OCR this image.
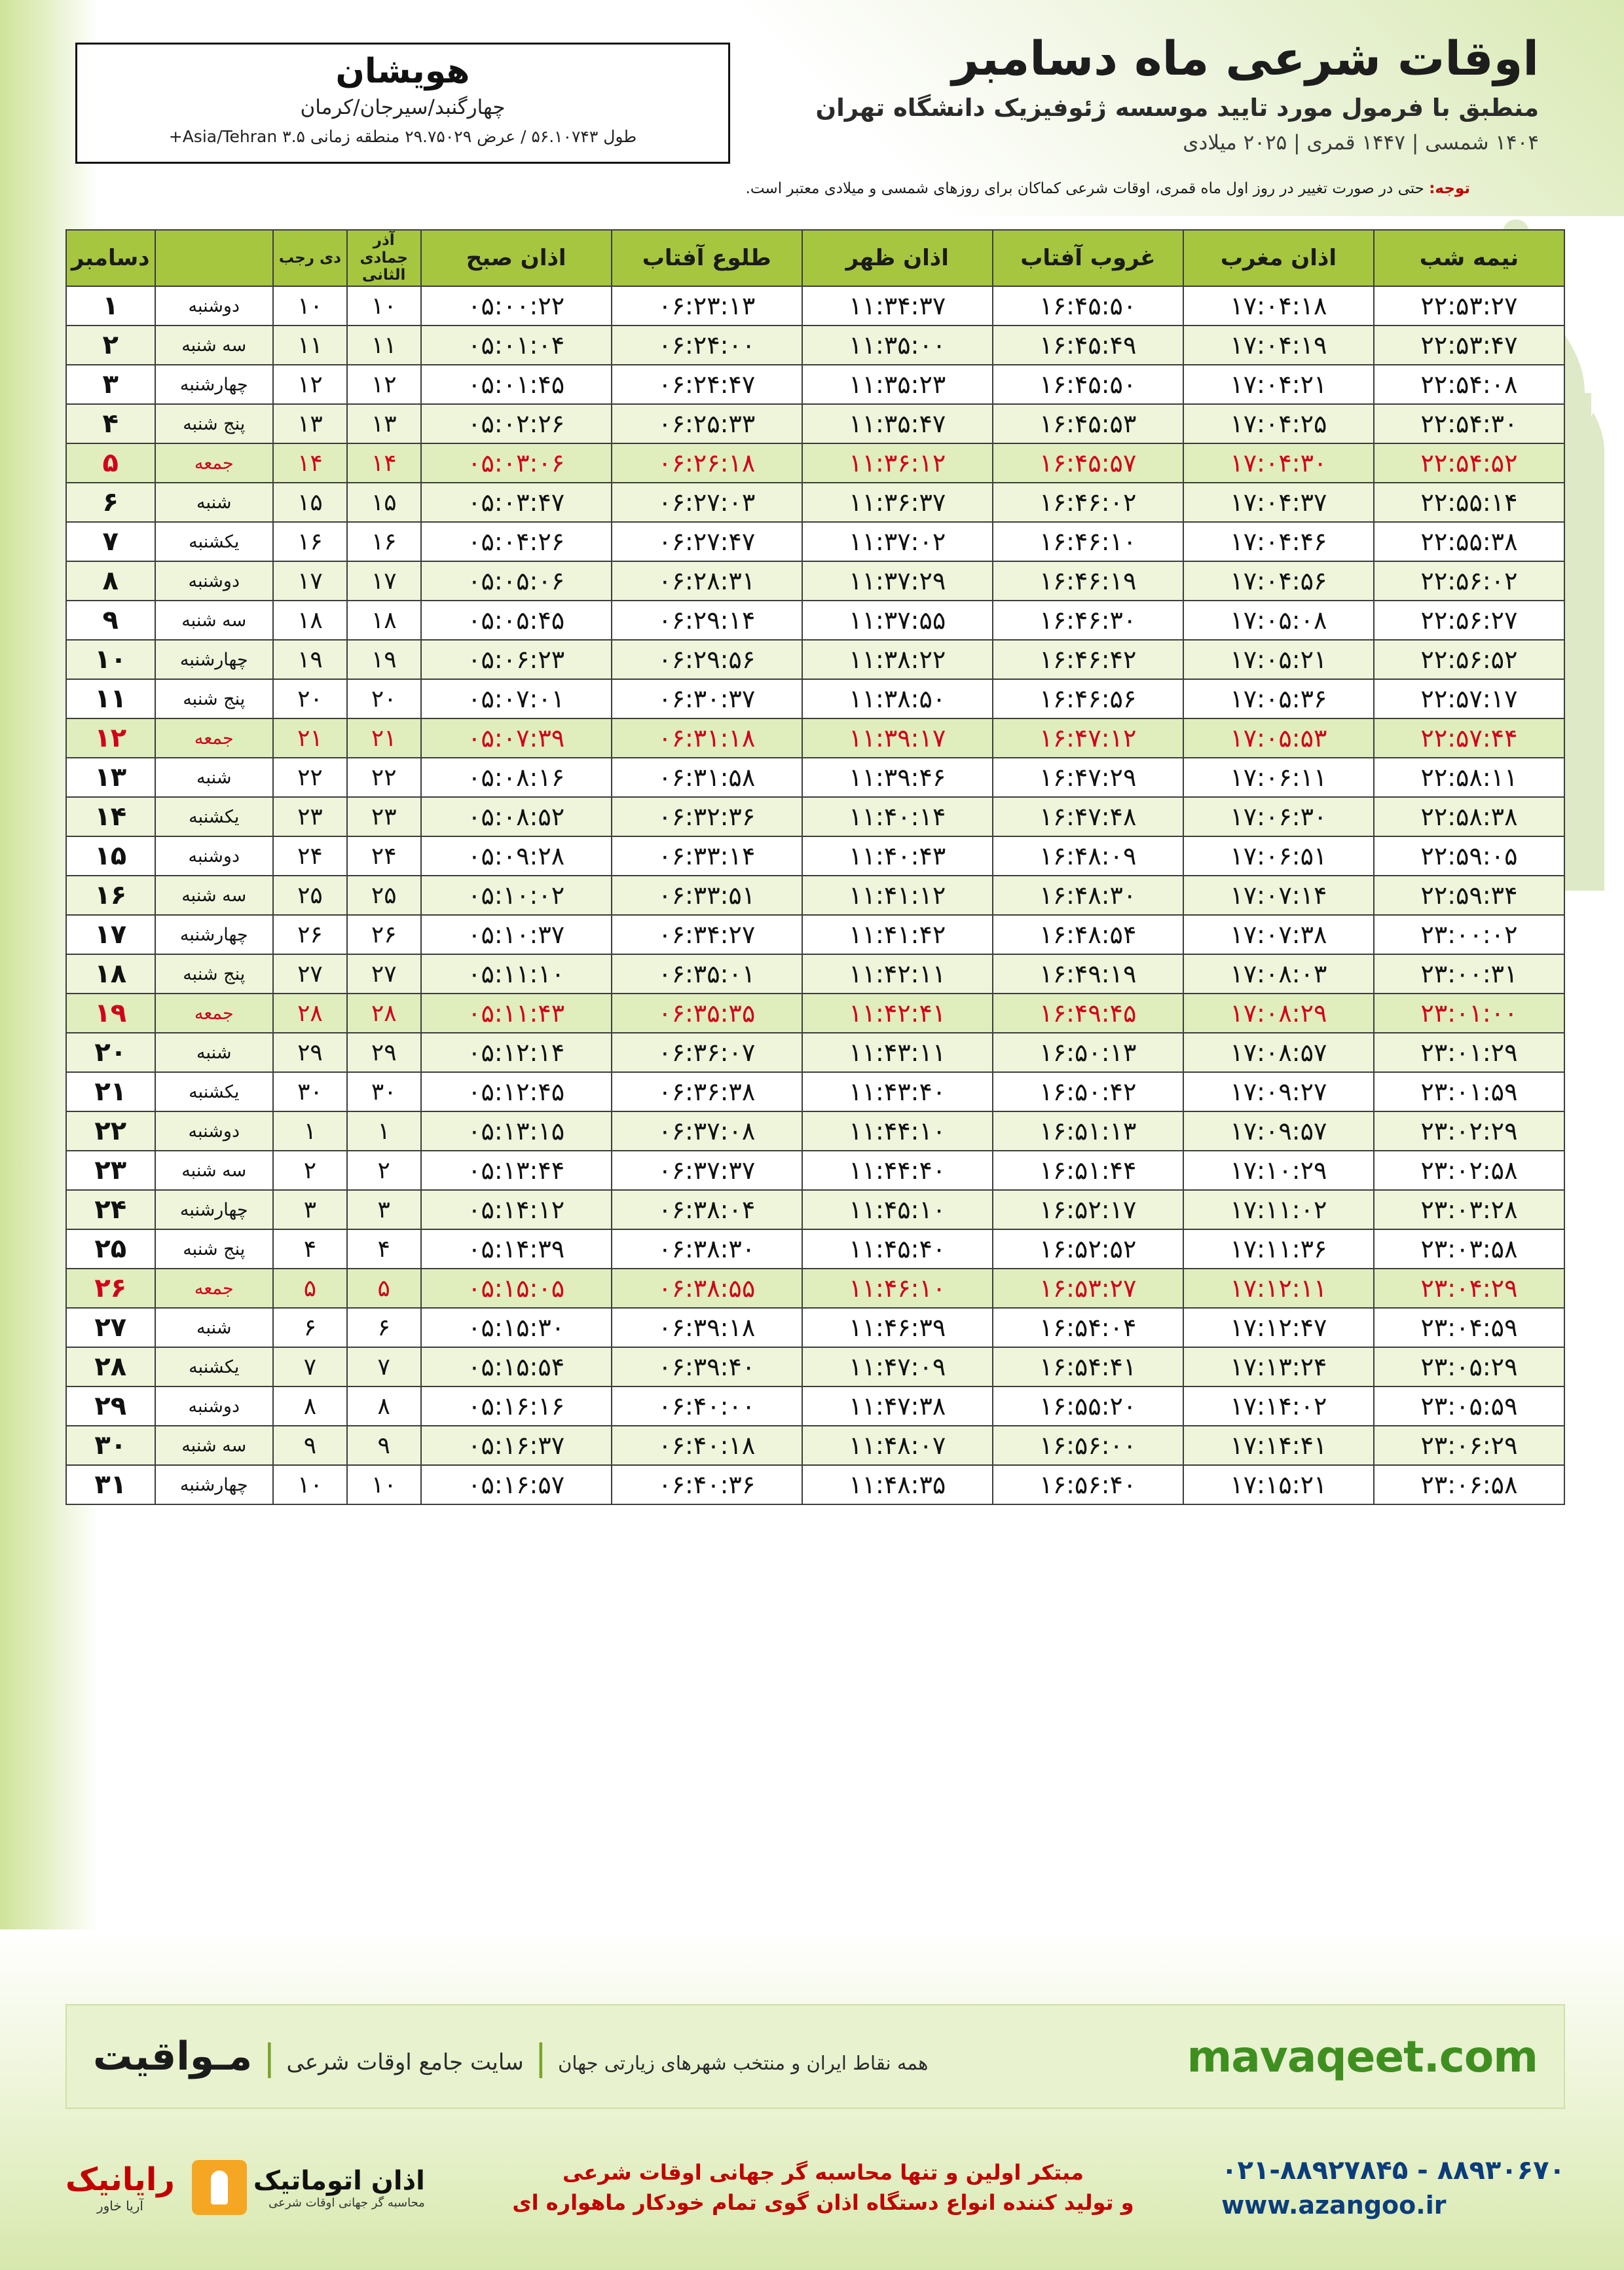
اوقات شرعی ماه دسامبر
منطبق با فرمول مورد تایید موسسه ژئوفیزیک دانشگاه تهران
۱۴۰۴ شمسی | ۱۴۴۷ قمری | ۲۰۲۵ میلادی
هویشان
چهارگنبد/سیرجان/کرمان
طول ۵۶.۱۰۷۴۳ / عرض ۲۹.۷۵۰۲۹ منطقه زمانی Asia/Tehran ۳.۵+
توجه: حتی در صورت تغییر در روز اول ماه قمری، اوقات شرعی کماکان برای روزهای شمسی و میلادی معتبر است.
نیمه شب	اذان مغرب	غروب آفتاب	اذان ظهر	طلوع آفتاب	اذان صبح	آذر جمادی الثانی	دی رجب		دسامبر
۲۲:۵۳:۲۷	۱۷:۰۴:۱۸	۱۶:۴۵:۵۰	۱۱:۳۴:۳۷	۰۶:۲۳:۱۳	۰۵:۰۰:۲۲	۱۰	۱۰	دوشنبه	۱
۲۲:۵۳:۴۷	۱۷:۰۴:۱۹	۱۶:۴۵:۴۹	۱۱:۳۵:۰۰	۰۶:۲۴:۰۰	۰۵:۰۱:۰۴	۱۱	۱۱	سه شنبه	۲
۲۲:۵۴:۰۸	۱۷:۰۴:۲۱	۱۶:۴۵:۵۰	۱۱:۳۵:۲۳	۰۶:۲۴:۴۷	۰۵:۰۱:۴۵	۱۲	۱۲	چهارشنبه	۳
۲۲:۵۴:۳۰	۱۷:۰۴:۲۵	۱۶:۴۵:۵۳	۱۱:۳۵:۴۷	۰۶:۲۵:۳۳	۰۵:۰۲:۲۶	۱۳	۱۳	پنج شنبه	۴
۲۲:۵۴:۵۲	۱۷:۰۴:۳۰	۱۶:۴۵:۵۷	۱۱:۳۶:۱۲	۰۶:۲۶:۱۸	۰۵:۰۳:۰۶	۱۴	۱۴	جمعه	۵
۲۲:۵۵:۱۴	۱۷:۰۴:۳۷	۱۶:۴۶:۰۲	۱۱:۳۶:۳۷	۰۶:۲۷:۰۳	۰۵:۰۳:۴۷	۱۵	۱۵	شنبه	۶
۲۲:۵۵:۳۸	۱۷:۰۴:۴۶	۱۶:۴۶:۱۰	۱۱:۳۷:۰۲	۰۶:۲۷:۴۷	۰۵:۰۴:۲۶	۱۶	۱۶	یکشنبه	۷
۲۲:۵۶:۰۲	۱۷:۰۴:۵۶	۱۶:۴۶:۱۹	۱۱:۳۷:۲۹	۰۶:۲۸:۳۱	۰۵:۰۵:۰۶	۱۷	۱۷	دوشنبه	۸
۲۲:۵۶:۲۷	۱۷:۰۵:۰۸	۱۶:۴۶:۳۰	۱۱:۳۷:۵۵	۰۶:۲۹:۱۴	۰۵:۰۵:۴۵	۱۸	۱۸	سه شنبه	۹
۲۲:۵۶:۵۲	۱۷:۰۵:۲۱	۱۶:۴۶:۴۲	۱۱:۳۸:۲۲	۰۶:۲۹:۵۶	۰۵:۰۶:۲۳	۱۹	۱۹	چهارشنبه	۱۰
۲۲:۵۷:۱۷	۱۷:۰۵:۳۶	۱۶:۴۶:۵۶	۱۱:۳۸:۵۰	۰۶:۳۰:۳۷	۰۵:۰۷:۰۱	۲۰	۲۰	پنج شنبه	۱۱
۲۲:۵۷:۴۴	۱۷:۰۵:۵۳	۱۶:۴۷:۱۲	۱۱:۳۹:۱۷	۰۶:۳۱:۱۸	۰۵:۰۷:۳۹	۲۱	۲۱	جمعه	۱۲
۲۲:۵۸:۱۱	۱۷:۰۶:۱۱	۱۶:۴۷:۲۹	۱۱:۳۹:۴۶	۰۶:۳۱:۵۸	۰۵:۰۸:۱۶	۲۲	۲۲	شنبه	۱۳
۲۲:۵۸:۳۸	۱۷:۰۶:۳۰	۱۶:۴۷:۴۸	۱۱:۴۰:۱۴	۰۶:۳۲:۳۶	۰۵:۰۸:۵۲	۲۳	۲۳	یکشنبه	۱۴
۲۲:۵۹:۰۵	۱۷:۰۶:۵۱	۱۶:۴۸:۰۹	۱۱:۴۰:۴۳	۰۶:۳۳:۱۴	۰۵:۰۹:۲۸	۲۴	۲۴	دوشنبه	۱۵
۲۲:۵۹:۳۴	۱۷:۰۷:۱۴	۱۶:۴۸:۳۰	۱۱:۴۱:۱۲	۰۶:۳۳:۵۱	۰۵:۱۰:۰۲	۲۵	۲۵	سه شنبه	۱۶
۲۳:۰۰:۰۲	۱۷:۰۷:۳۸	۱۶:۴۸:۵۴	۱۱:۴۱:۴۲	۰۶:۳۴:۲۷	۰۵:۱۰:۳۷	۲۶	۲۶	چهارشنبه	۱۷
۲۳:۰۰:۳۱	۱۷:۰۸:۰۳	۱۶:۴۹:۱۹	۱۱:۴۲:۱۱	۰۶:۳۵:۰۱	۰۵:۱۱:۱۰	۲۷	۲۷	پنج شنبه	۱۸
۲۳:۰۱:۰۰	۱۷:۰۸:۲۹	۱۶:۴۹:۴۵	۱۱:۴۲:۴۱	۰۶:۳۵:۳۵	۰۵:۱۱:۴۳	۲۸	۲۸	جمعه	۱۹
۲۳:۰۱:۲۹	۱۷:۰۸:۵۷	۱۶:۵۰:۱۳	۱۱:۴۳:۱۱	۰۶:۳۶:۰۷	۰۵:۱۲:۱۴	۲۹	۲۹	شنبه	۲۰
۲۳:۰۱:۵۹	۱۷:۰۹:۲۷	۱۶:۵۰:۴۲	۱۱:۴۳:۴۰	۰۶:۳۶:۳۸	۰۵:۱۲:۴۵	۳۰	۳۰	یکشنبه	۲۱
۲۳:۰۲:۲۹	۱۷:۰۹:۵۷	۱۶:۵۱:۱۳	۱۱:۴۴:۱۰	۰۶:۳۷:۰۸	۰۵:۱۳:۱۵	۱	۱	دوشنبه	۲۲
۲۳:۰۲:۵۸	۱۷:۱۰:۲۹	۱۶:۵۱:۴۴	۱۱:۴۴:۴۰	۰۶:۳۷:۳۷	۰۵:۱۳:۴۴	۲	۲	سه شنبه	۲۳
۲۳:۰۳:۲۸	۱۷:۱۱:۰۲	۱۶:۵۲:۱۷	۱۱:۴۵:۱۰	۰۶:۳۸:۰۴	۰۵:۱۴:۱۲	۳	۳	چهارشنبه	۲۴
۲۳:۰۳:۵۸	۱۷:۱۱:۳۶	۱۶:۵۲:۵۲	۱۱:۴۵:۴۰	۰۶:۳۸:۳۰	۰۵:۱۴:۳۹	۴	۴	پنج شنبه	۲۵
۲۳:۰۴:۲۹	۱۷:۱۲:۱۱	۱۶:۵۳:۲۷	۱۱:۴۶:۱۰	۰۶:۳۸:۵۵	۰۵:۱۵:۰۵	۵	۵	جمعه	۲۶
۲۳:۰۴:۵۹	۱۷:۱۲:۴۷	۱۶:۵۴:۰۴	۱۱:۴۶:۳۹	۰۶:۳۹:۱۸	۰۵:۱۵:۳۰	۶	۶	شنبه	۲۷
۲۳:۰۵:۲۹	۱۷:۱۳:۲۴	۱۶:۵۴:۴۱	۱۱:۴۷:۰۹	۰۶:۳۹:۴۰	۰۵:۱۵:۵۴	۷	۷	یکشنبه	۲۸
۲۳:۰۵:۵۹	۱۷:۱۴:۰۲	۱۶:۵۵:۲۰	۱۱:۴۷:۳۸	۰۶:۴۰:۰۰	۰۵:۱۶:۱۶	۸	۸	دوشنبه	۲۹
۲۳:۰۶:۲۹	۱۷:۱۴:۴۱	۱۶:۵۶:۰۰	۱۱:۴۸:۰۷	۰۶:۴۰:۱۸	۰۵:۱۶:۳۷	۹	۹	سه شنبه	۳۰
۲۳:۰۶:۵۸	۱۷:۱۵:۲۱	۱۶:۵۶:۴۰	۱۱:۴۸:۳۵	۰۶:۴۰:۳۶	۰۵:۱۶:۵۷	۱۰	۱۰	چهارشنبه	۳۱
mavaqeet.com
همه نقاط ایران و منتخب شهرهای زیارتی جهان | سایت جامع اوقات شرعی | مـواقیت
۰۲۱-۸۸۹۲۷۸۴۵ - ۸۸۹۳۰۶۷۰
www.azangoo.ir
مبتکر اولین و تنها محاسبه گر جهانی اوقات شرعی
و تولید کننده انواع دستگاه اذان گوی تمام خودکار ماهواره ای
اذان اتوماتیک
محاسبه گر جهانی اوقات شرعی
رایانیک
آریا خاور
